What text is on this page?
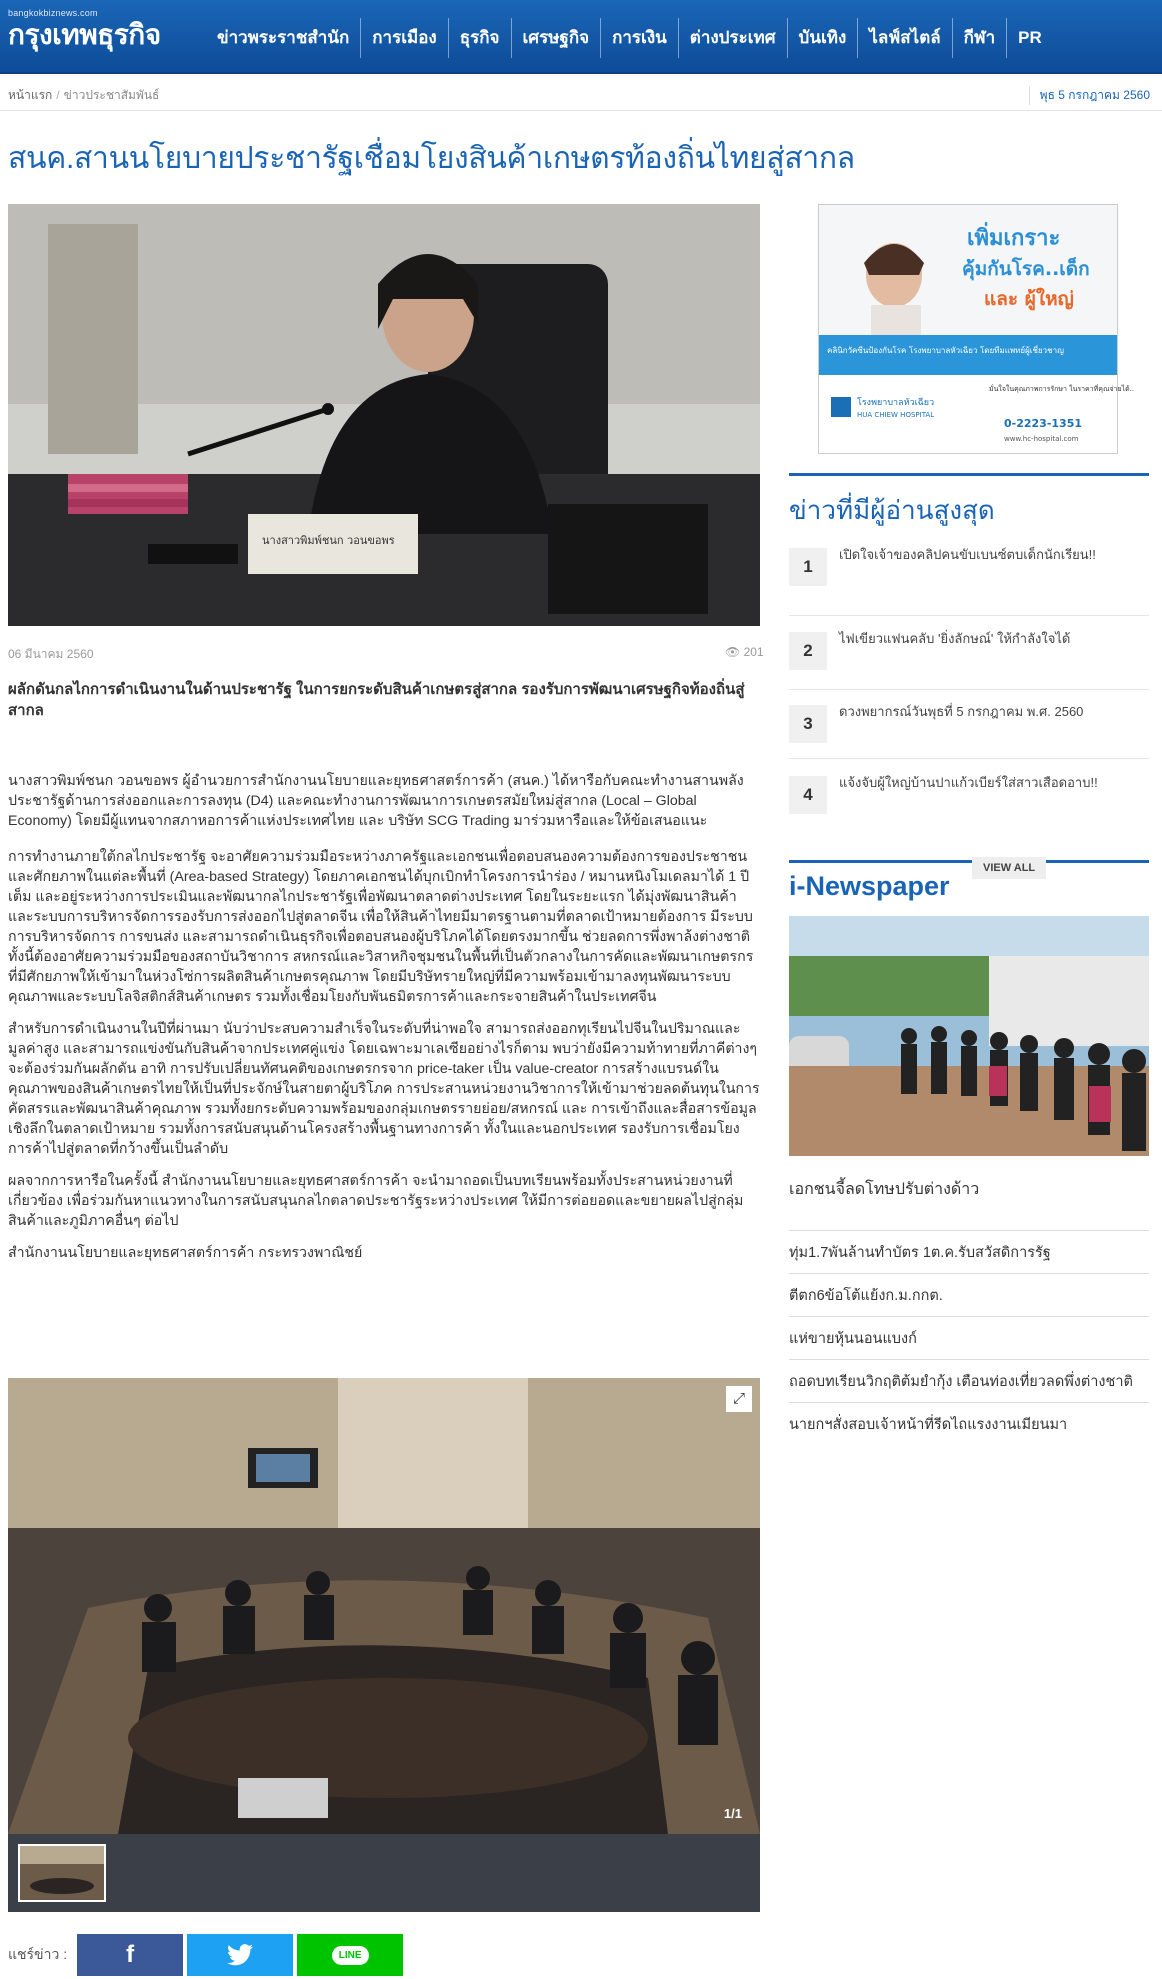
bangkokbiznews.com
กรุงเทพธุรกิจ	ข่าวพระราชสำนัก	การเมือง	ธุรกิจ	เศรษฐกิจ	การเงิน	ต่างประเทศ	บันเทิง	ไลฟ์สไตล์	กีฬา	PR
หน้าแรก / ข่าวประชาสัมพันธ์	พุธ 5 กรกฎาคม 2560
สนค.สานนโยบายประชารัฐเชื่อมโยงสินค้าเกษตรท้องถิ่นไทยสู่สากล
นางสาวพิมพ์ชนก วอนขอพร
06 มีนาคม 2560	👁 201
ผลักดันกลไกการดำเนินงานในด้านประชารัฐ ในการยกระดับสินค้าเกษตรสู่สากล รองรับการพัฒนาเศรษฐกิจท้องถิ่นสู่สากล

นางสาวพิมพ์ชนก วอนขอพร ผู้อำนวยการสำนักงานนโยบายและยุทธศาสตร์การค้า (สนค.) ได้หารือกับคณะทำงานสานพลังประชารัฐด้านการส่งออกและการลงทุน (D4) และคณะทำงานการพัฒนาการเกษตรสมัยใหม่สู่สากล (Local – Global Economy) โดยมีผู้แทนจากสภาหอการค้าแห่งประเทศไทย และ บริษัท SCG Trading มาร่วมหารือและให้ข้อเสนอแนะ

การทำงานภายใต้กลไกประชารัฐ จะอาศัยความร่วมมือระหว่างภาครัฐและเอกชนเพื่อตอบสนองความต้องการของประชาชนและศักยภาพในแต่ละพื้นที่ (Area-based Strategy) โดยภาคเอกชนได้บุกเบิกทำโครงการนำร่อง / หมานหนิงโมเดลมาได้ 1 ปีเต็ม และอยู่ระหว่างการประเมินและพัฒนากลไกประชารัฐเพื่อพัฒนาตลาดต่างประเทศ โดยในระยะแรก ได้มุ่งพัฒนาสินค้าและระบบการบริหารจัดการรองรับการส่งออกไปสู่ตลาดจีน เพื่อให้สินค้าไทยมีมาตรฐานตามที่ตลาดเป้าหมายต้องการ มีระบบการบริหารจัดการ การขนส่ง และสามารถดำเนินธุรกิจเพื่อตอบสนองผู้บริโภคได้โดยตรงมากขึ้น ช่วยลดการพึ่งพาล้งต่างชาติ ทั้งนี้ต้องอาศัยความร่วมมือของสถาบันวิชาการ สหกรณ์และวิสาหกิจชุมชนในพื้นที่เป็นตัวกลางในการคัดและพัฒนาเกษตรกรที่มีศักยภาพให้เข้ามาในห่วงโซ่การผลิตสินค้าเกษตรคุณภาพ โดยมีบริษัทรายใหญ่ที่มีความพร้อมเข้ามาลงทุนพัฒนาระบบคุณภาพและระบบโลจิสติกส์สินค้าเกษตร รวมทั้งเชื่อมโยงกับพันธมิตรการค้าและกระจายสินค้าในประเทศจีน

สำหรับการดำเนินงานในปีที่ผ่านมา นับว่าประสบความสำเร็จในระดับที่น่าพอใจ สามารถส่งออกทุเรียนไปจีนในปริมาณและมูลค่าสูง และสามารถแข่งขันกับสินค้าจากประเทศคู่แข่ง โดยเฉพาะมาเลเซียอย่างไรก็ตาม พบว่ายังมีความท้าทายที่ภาคีต่างๆ จะต้องร่วมกันผลักดัน อาทิ การปรับเปลี่ยนทัศนคติของเกษตรกรจาก price-taker เป็น value-creator การสร้างแบรนด์ในคุณภาพของสินค้าเกษตรไทยให้เป็นที่ประจักษ์ในสายตาผู้บริโภค การประสานหน่วยงานวิชาการให้เข้ามาช่วยลดต้นทุนในการคัดสรรและพัฒนาสินค้าคุณภาพ รวมทั้งยกระดับความพร้อมของกลุ่มเกษตรรายย่อย/สหกรณ์ และ การเข้าถึงและสื่อสารข้อมูลเชิงลึกในตลาดเป้าหมาย รวมทั้งการสนับสนุนด้านโครงสร้างพื้นฐานทางการค้า ทั้งในและนอกประเทศ รองรับการเชื่อมโยงการค้าไปสู่ตลาดที่กว้างขึ้นเป็นลำดับ

ผลจากการหารือในครั้งนี้ สำนักงานนโยบายและยุทธศาสตร์การค้า จะนำมาถอดเป็นบทเรียนพร้อมทั้งประสานหน่วยงานที่เกี่ยวข้อง เพื่อร่วมกันหาแนวทางในการสนับสนุนกลไกตลาดประชารัฐระหว่างประเทศ ให้มีการต่อยอดและขยายผลไปสู่กลุ่มสินค้าและภูมิภาคอื่นๆ ต่อไป

สำนักงานนโยบายและยุทธศาสตร์การค้า กระทรวงพาณิชย์

⤢
1/1
แชร์ข่าว : f	LINE
เพิ่มเกราะ
คุ้มกันโรค..เด็ก
และ ผู้ใหญ่
คลินิกวัคซีนป้องกันโรค โรงพยาบาลหัวเฉียว โดยทีมแพทย์ผู้เชี่ยวชาญ
โรงพยาบาลหัวเฉียว
HUA CHIEW HOSPITAL
มั่นใจในคุณภาพการรักษา ในราคาที่คุณจ่ายได้..
0-2223-1351
www.hc-hospital.com
ข่าวที่มีผู้อ่านสูงสุด
1
เปิดใจเจ้าของคลิปคนขับเบนซ์ตบเด็กนักเรียน!!
2
ไฟเขียวแฟนคลับ 'ยิ่งลักษณ์' ให้กำลังใจได้
3
ดวงพยากรณ์วันพุธที่ 5 กรกฎาคม พ.ศ. 2560
4
แจ้งจับผู้ใหญ่บ้านปาแก้วเบียร์ใส่สาวเสือดอาบ!!
i-Newspaper
VIEW ALL
เอกชนจี้ลดโทษปรับต่างด้าว
ทุ่ม1.7พันล้านทำบัตร 1ต.ค.รับสวัสดิการรัฐ
ตีตก6ข้อโต้แย้งก.ม.กกต.
แห่ขายหุ้นนอนแบงก์
ถอดบทเรียนวิกฤติต้มยำกุ้ง เตือนท่องเที่ยวลดพึ่งต่างชาติ
นายกฯสั่งสอบเจ้าหน้าที่รีดไถแรงงานเมียนมา
